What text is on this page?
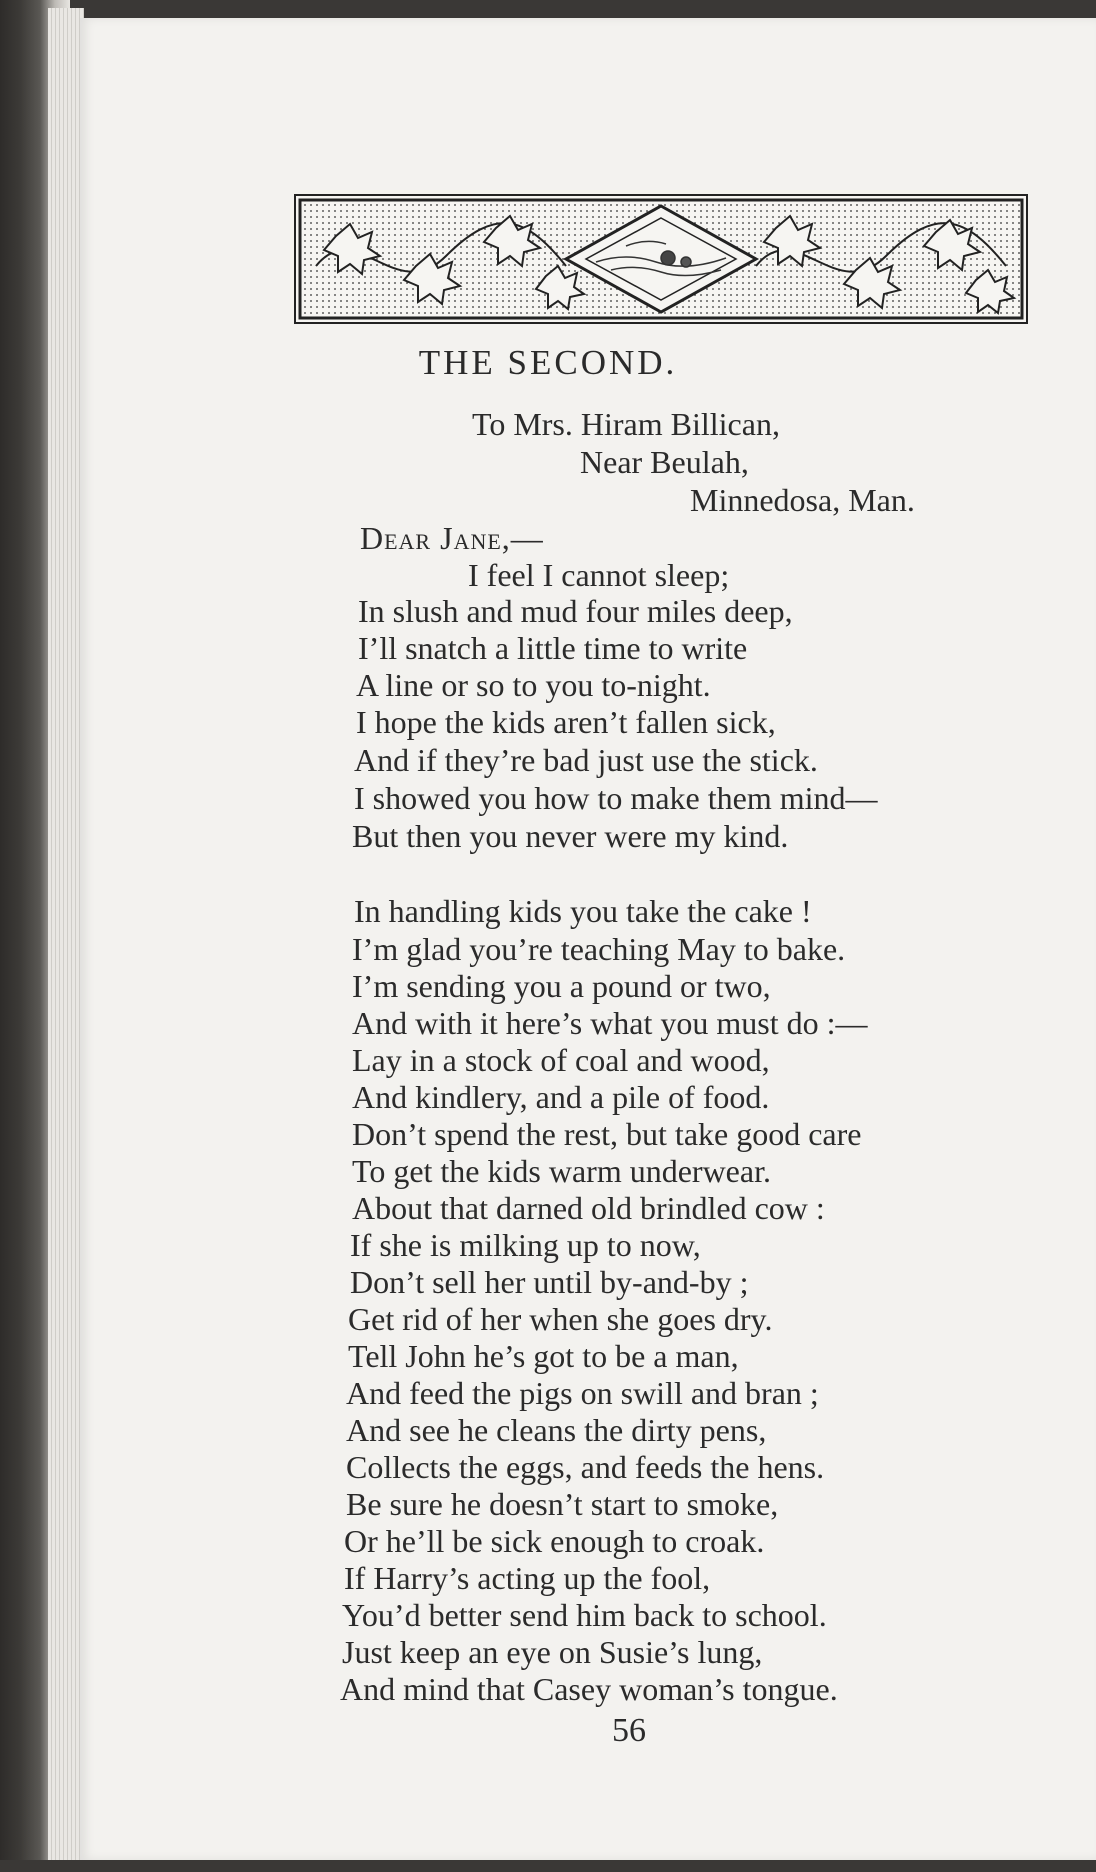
THE SECOND.
To Mrs. Hiram Billican,
Near Beulah,
Minnedosa, Man.
Dear Jane,—
I feel I cannot sleep;
In slush and mud four miles deep,
I’ll snatch a little time to write
A line or so to you to-night.
I hope the kids aren’t fallen sick,
And if they’re bad just use the stick.
I showed you how to make them mind—
But then you never were my kind.
In handling kids you take the cake !
I’m glad you’re teaching May to bake.
I’m sending you a pound or two,
And with it here’s what you must do :—
Lay in a stock of coal and wood,
And kindlery, and a pile of food.
Don’t spend the rest, but take good care
To get the kids warm underwear.
About that darned old brindled cow :
If she is milking up to now,
Don’t sell her until by-and-by ;
Get rid of her when she goes dry.
Tell John he’s got to be a man,
And feed the pigs on swill and bran ;
And see he cleans the dirty pens,
Collects the eggs, and feeds the hens.
Be sure he doesn’t start to smoke,
Or he’ll be sick enough to croak.
If Harry’s acting up the fool,
You’d better send him back to school.
Just keep an eye on Susie’s lung,
And mind that Casey woman’s tongue.
56
